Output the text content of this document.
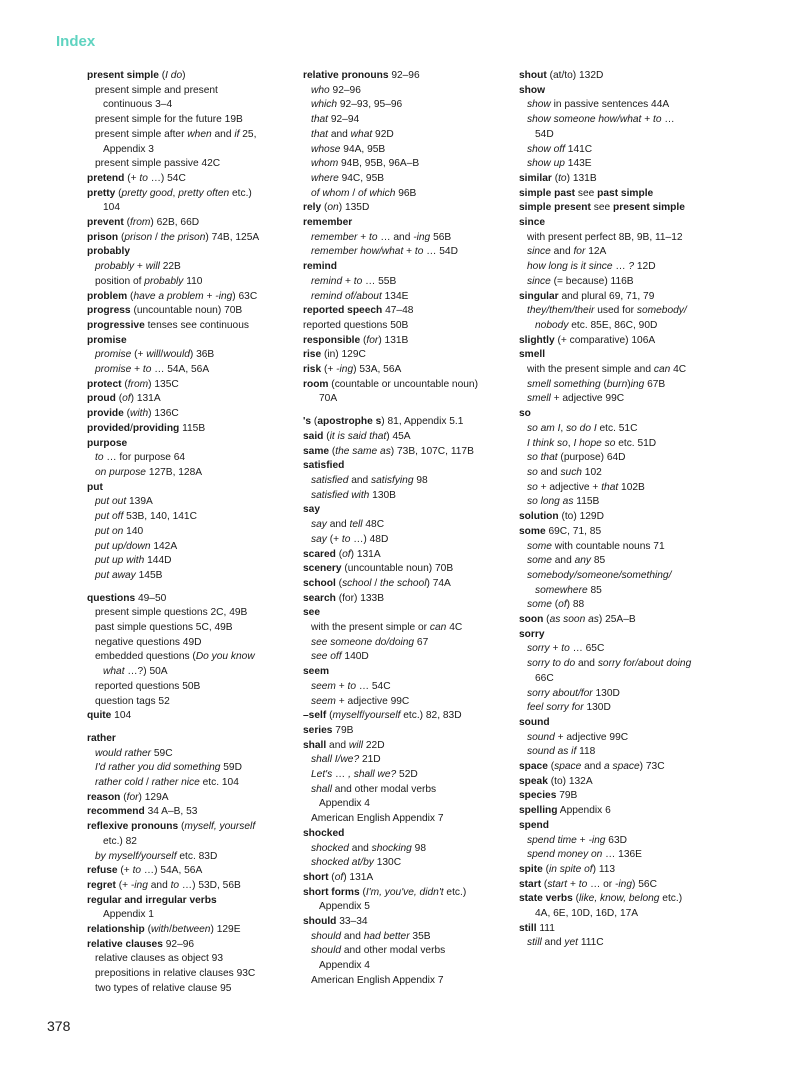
Index
present simple (I do)
present simple and present
continuous 3–4
present simple for the future 19B
present simple after when and if 25,
Appendix 3
present simple passive 42C
pretend (+ to …) 54C
pretty (pretty good, pretty often etc.)
104
prevent (from) 62B, 66D
prison (prison / the prison) 74B, 125A
probably
probably + will 22B
position of probably 110
problem (have a problem + -ing) 63C
progress (uncountable noun) 70B
progressive tenses see continuous
promise
promise (+ will/would) 36B
promise + to … 54A, 56A
protect (from) 135C
proud (of) 131A
provide (with) 136C
provided/providing 115B
purpose
to … for purpose 64
on purpose 127B, 128A
put
put out 139A
put off 53B, 140, 141C
put on 140
put up/down 142A
put up with 144D
put away 145B
questions 49–50
present simple questions 2C, 49B
past simple questions 5C, 49B
negative questions 49D
embedded questions (Do you know
what …?) 50A
reported questions 50B
question tags 52
quite 104
rather
would rather 59C
I'd rather you did something 59D
rather cold / rather nice etc. 104
reason (for) 129A
recommend 34 A–B, 53
reflexive pronouns (myself, yourself
etc.) 82
by myself/yourself etc. 83D
refuse (+ to …) 54A, 56A
regret (+ -ing and to …) 53D, 56B
regular and irregular verbs
Appendix 1
relationship (with/between) 129E
relative clauses 92–96
relative clauses as object 93
prepositions in relative clauses 93C
two types of relative clause 95
relative pronouns 92–96
who 92–96
which 92–93, 95–96
that 92–94
that and what 92D
whose 94A, 95B
whom 94B, 95B, 96A–B
where 94C, 95B
of whom / of which 96B
rely (on) 135D
remember
remember + to … and -ing 56B
remember how/what + to … 54D
remind
remind + to … 55B
remind of/about 134E
reported speech 47–48
reported questions 50B
responsible (for) 131B
rise (in) 129C
risk (+ -ing) 53A, 56A
room (countable or uncountable noun)
70A
's (apostrophe s) 81, Appendix 5.1
said (it is said that) 45A
same (the same as) 73B, 107C, 117B
satisfied
satisfied and satisfying 98
satisfied with 130B
say
say and tell 48C
say (+ to …) 48D
scared (of) 131A
scenery (uncountable noun) 70B
school (school / the school) 74A
search (for) 133B
see
with the present simple or can 4C
see someone do/doing 67
see off 140D
seem
seem + to … 54C
seem + adjective 99C
–self (myself/yourself etc.) 82, 83D
series 79B
shall and will 22D
shall I/we? 21D
Let's … , shall we? 52D
shall and other modal verbs
Appendix 4
American English Appendix 7
shocked
shocked and shocking 98
shocked at/by 130C
short (of) 131A
short forms (I'm, you've, didn't etc.)
Appendix 5
should 33–34
should and had better 35B
should and other modal verbs
Appendix 4
American English Appendix 7
shout (at/to) 132D
show
show in passive sentences 44A
show someone how/what + to …
54D
show off 141C
show up 143E
similar (to) 131B
simple past see past simple
simple present see present simple
since
with present perfect 8B, 9B, 11–12
since and for 12A
how long is it since … ? 12D
since (= because) 116B
singular and plural 69, 71, 79
they/them/their used for somebody/
nobody etc. 85E, 86C, 90D
slightly (+ comparative) 106A
smell
with the present simple and can 4C
smell something (burn)ing 67B
smell + adjective 99C
so
so am I, so do I etc. 51C
I think so, I hope so etc. 51D
so that (purpose) 64D
so and such 102
so + adjective + that 102B
so long as 115B
solution (to) 129D
some 69C, 71, 85
some with countable nouns 71
some and any 85
somebody/someone/something/
somewhere 85
some (of) 88
soon (as soon as) 25A–B
sorry
sorry + to … 65C
sorry to do and sorry for/about doing
66C
sorry about/for 130D
feel sorry for 130D
sound
sound + adjective 99C
sound as if 118
space (space and a space) 73C
speak (to) 132A
species 79B
spelling Appendix 6
spend
spend time + -ing 63D
spend money on … 136E
spite (in spite of) 113
start (start + to … or -ing) 56C
state verbs (like, know, belong etc.)
4A, 6E, 10D, 16D, 17A
still 111
still and yet 111C
378
